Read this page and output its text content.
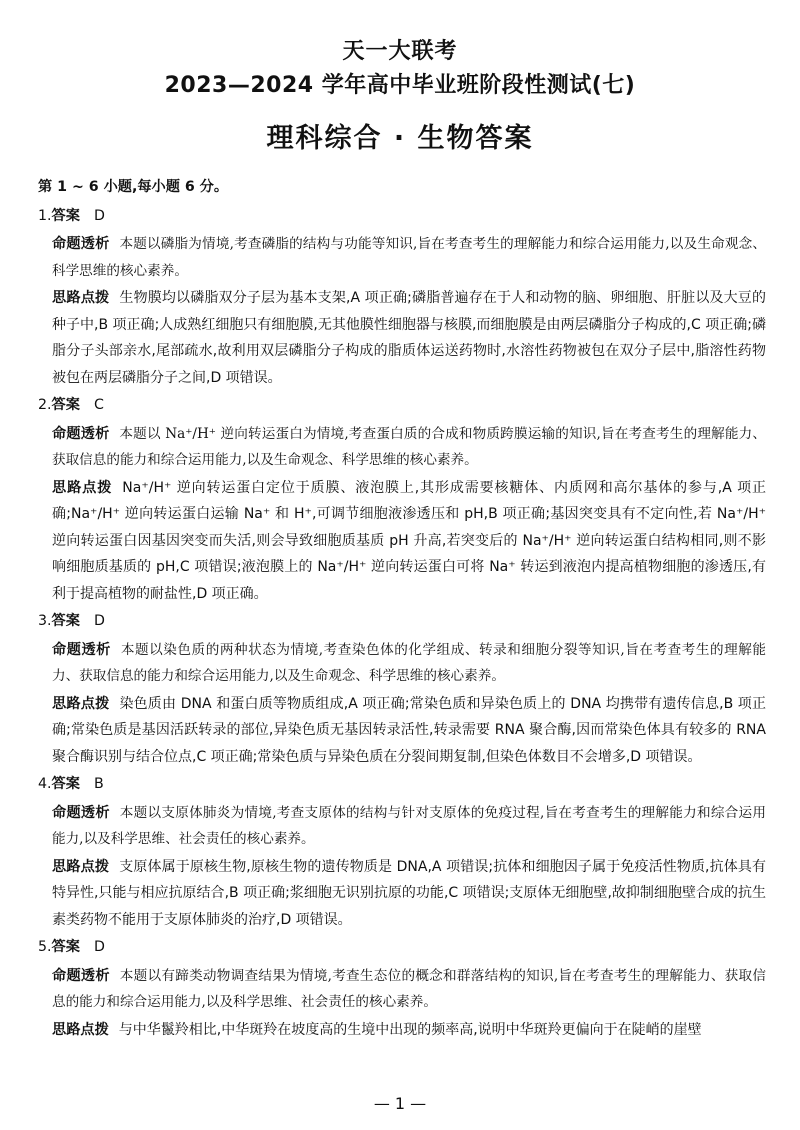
天一大联考
2023—2024 学年高中毕业班阶段性测试(七)
理科综合 · 生物答案
第 1 ~ 6 小题,每小题 6 分。
1.答案 D
命题透析 本题以磷脂为情境,考查磷脂的结构与功能等知识,旨在考查考生的理解能力和综合运用能力,以及生命观念、科学思维的核心素养。
思路点拨 生物膜均以磷脂双分子层为基本支架,A 项正确;磷脂普遍存在于人和动物的脑、卵细胞、肝脏以及大豆的种子中,B 项正确;人成熟红细胞只有细胞膜,无其他膜性细胞器与核膜,而细胞膜是由两层磷脂分子构成的,C 项正确;磷脂分子头部亲水,尾部疏水,故利用双层磷脂分子构成的脂质体运送药物时,水溶性药物被包在双分子层中,脂溶性药物被包在两层磷脂分子之间,D 项错误。
2.答案 C
命题透析 本题以 Na⁺/H⁺ 逆向转运蛋白为情境,考查蛋白质的合成和物质跨膜运输的知识,旨在考查考生的理解能力、获取信息的能力和综合运用能力,以及生命观念、科学思维的核心素养。
思路点拨 Na⁺/H⁺ 逆向转运蛋白定位于质膜、液泡膜上,其形成需要核糖体、内质网和高尔基体的参与,A 项正确;Na⁺/H⁺ 逆向转运蛋白运输 Na⁺ 和 H⁺,可调节细胞液渗透压和 pH,B 项正确;基因突变具有不定向性,若 Na⁺/H⁺ 逆向转运蛋白因基因突变而失活,则会导致细胞质基质 pH 升高,若突变后的 Na⁺/H⁺ 逆向转运蛋白结构相同,则不影响细胞质基质的 pH,C 项错误;液泡膜上的 Na⁺/H⁺ 逆向转运蛋白可将 Na⁺ 转运到液泡内提高植物细胞的渗透压,有利于提高植物的耐盐性,D 项正确。
3.答案 D
命题透析 本题以染色质的两种状态为情境,考查染色体的化学组成、转录和细胞分裂等知识,旨在考查考生的理解能力、获取信息的能力和综合运用能力,以及生命观念、科学思维的核心素养。
思路点拨 染色质由 DNA 和蛋白质等物质组成,A 项正确;常染色质和异染色质上的 DNA 均携带有遗传信息,B 项正确;常染色质是基因活跃转录的部位,异染色质无基因转录活性,转录需要 RNA 聚合酶,因而常染色体具有较多的 RNA 聚合酶识别与结合位点,C 项正确;常染色质与异染色质在分裂间期复制,但染色体数目不会增多,D 项错误。
4.答案 B
命题透析 本题以支原体肺炎为情境,考查支原体的结构与针对支原体的免疫过程,旨在考查考生的理解能力和综合运用能力,以及科学思维、社会责任的核心素养。
思路点拨 支原体属于原核生物,原核生物的遗传物质是 DNA,A 项错误;抗体和细胞因子属于免疫活性物质,抗体具有特异性,只能与相应抗原结合,B 项正确;浆细胞无识别抗原的功能,C 项错误;支原体无细胞壁,故抑制细胞壁合成的抗生素类药物不能用于支原体肺炎的治疗,D 项错误。
5.答案 D
命题透析 本题以有蹄类动物调查结果为情境,考查生态位的概念和群落结构的知识,旨在考查考生的理解能力、获取信息的能力和综合运用能力,以及科学思维、社会责任的核心素养。
思路点拨 与中华鬣羚相比,中华斑羚在坡度高的生境中出现的频率高,说明中华斑羚更偏向于在陡峭的崖壁
— 1 —
